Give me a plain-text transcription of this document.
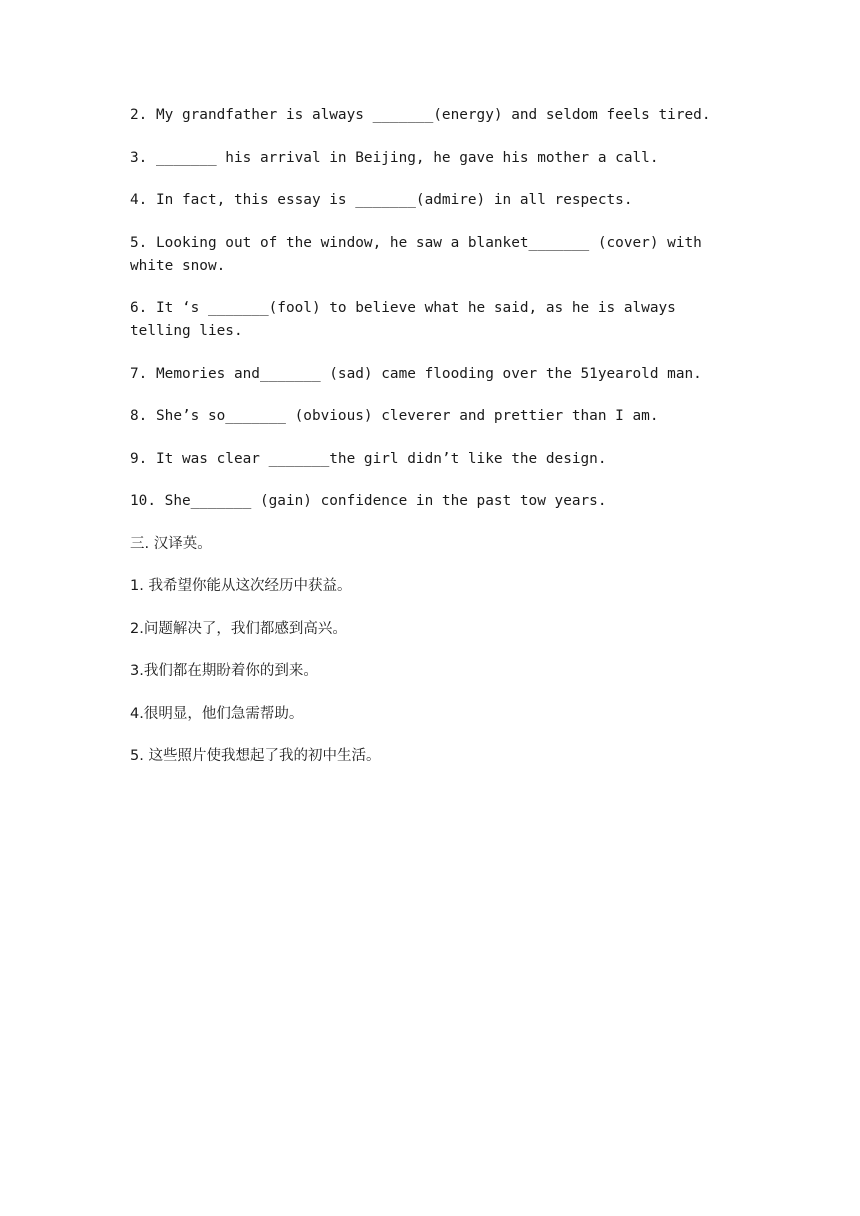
2. My grandfather is always _______(energy) and seldom feels tired.

3. _______ his arrival in Beijing, he gave his mother a call.

4. In fact, this essay is _______(admire) in all respects.

5. Looking out of the window, he saw a blanket_______ (cover) with white snow.

6. It ‘s _______(fool) to believe what he said, as he is always telling lies.

7. Memories and_______ (sad) came flooding over the 51yearold man.

8. She’s so_______ (obvious) cleverer and prettier than I am.

9. It was clear _______the girl didn’t like the design.

10. She_______ (gain) confidence in the past tow years.

三. 汉译英。

1. 我希望你能从这次经历中获益。

2.问题解决了，我们都感到高兴。

3.我们都在期盼着你的到来。

4.很明显，他们急需帮助。

5. 这些照片使我想起了我的初中生活。
